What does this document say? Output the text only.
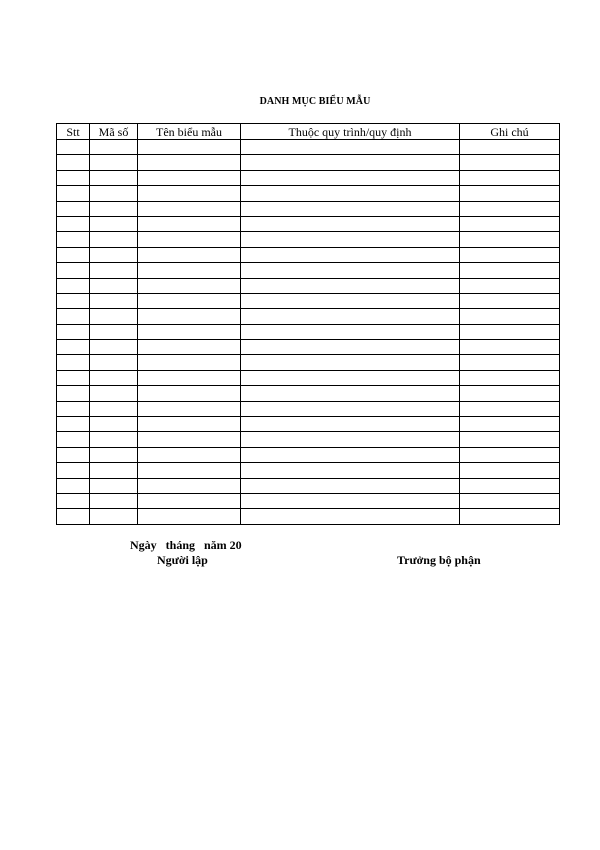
DANH MỤC BIỂU MẪU
Stt	Mã số	Tên biểu mẫu	Thuộc quy trình/quy định	Ghi chú

Ngày   tháng   năm 20
Người lập	Trưởng bộ phận
